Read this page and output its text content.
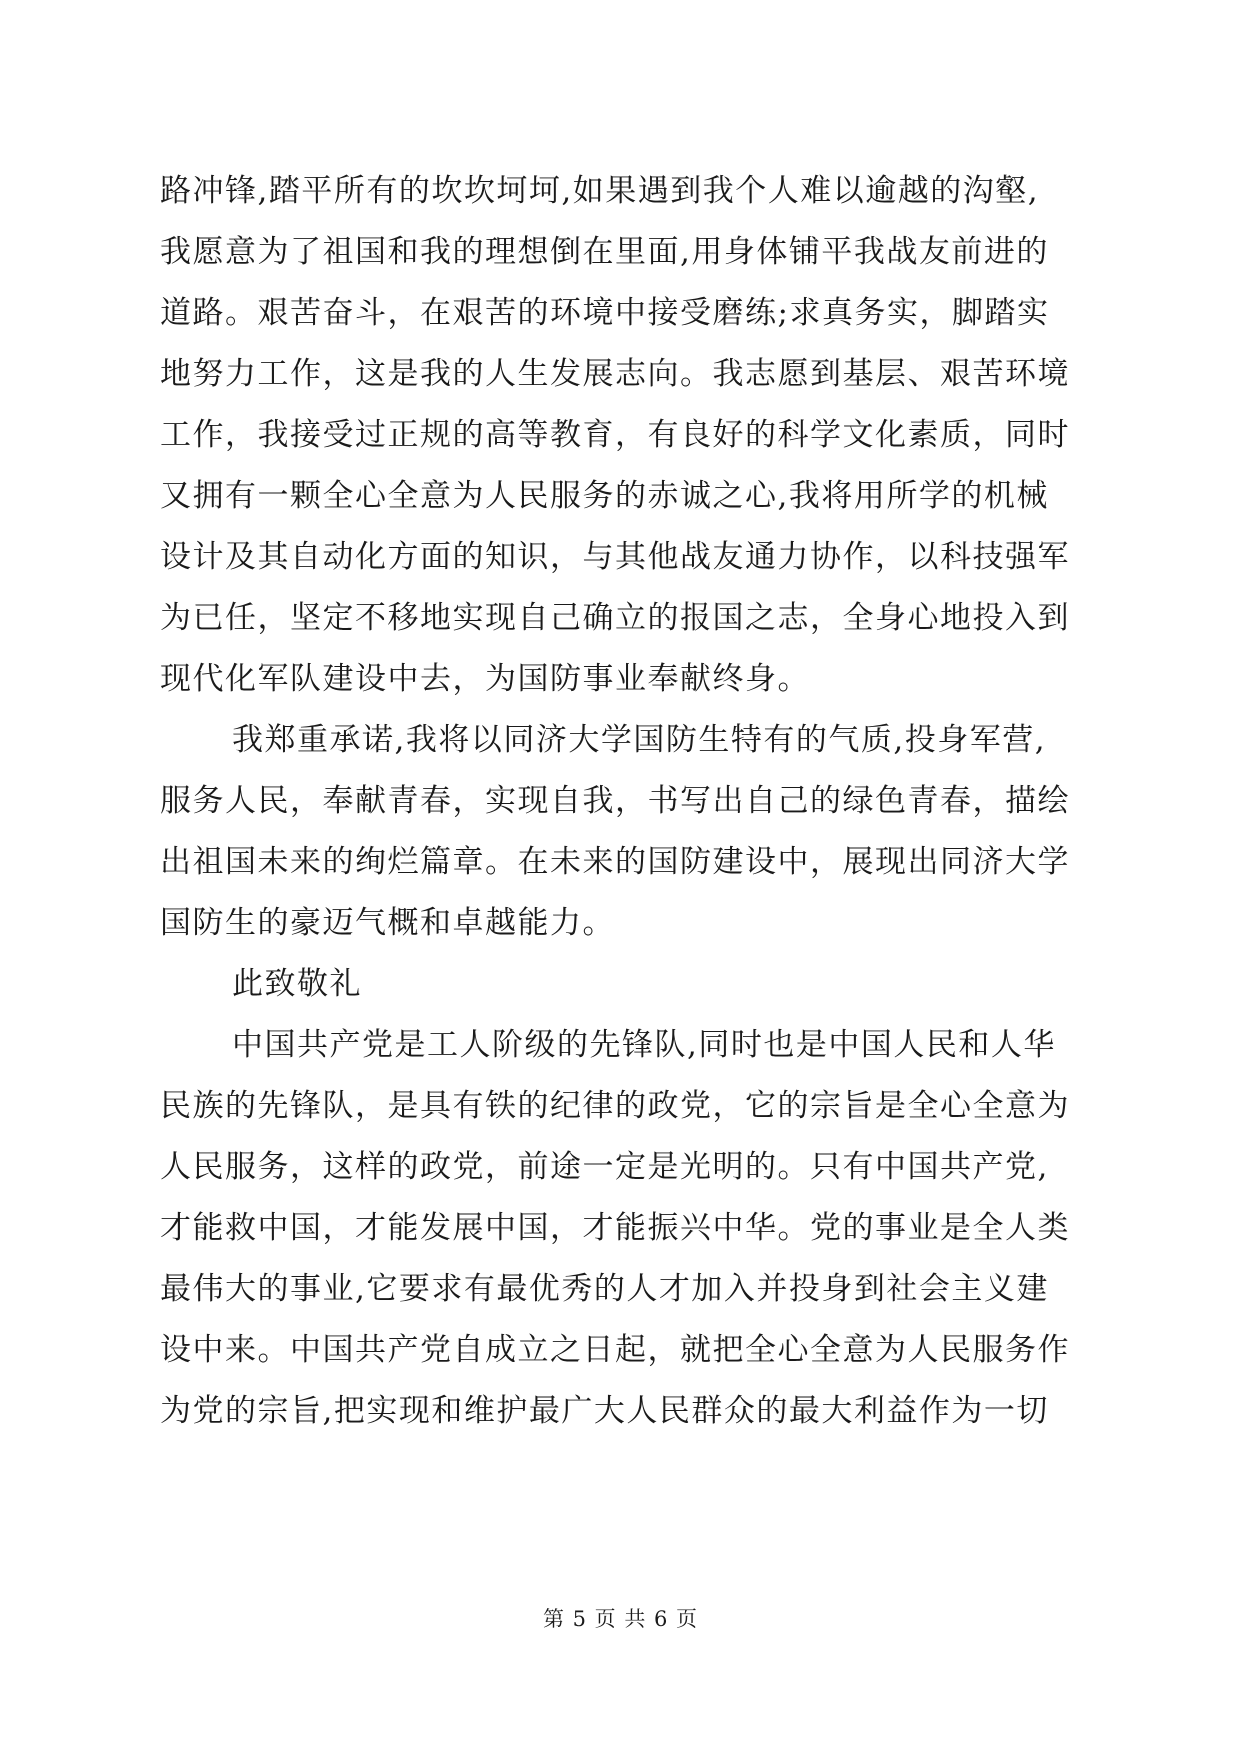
路冲锋,踏平所有的坎坎坷坷,如果遇到我个人难以逾越的沟壑,
我愿意为了祖国和我的理想倒在里面,用身体铺平我战友前进的
道路。艰苦奋斗，在艰苦的环境中接受磨练;求真务实，脚踏实
地努力工作，这是我的人生发展志向。我志愿到基层、艰苦环境
工作，我接受过正规的高等教育，有良好的科学文化素质，同时
又拥有一颗全心全意为人民服务的赤诚之心,我将用所学的机械
设计及其自动化方面的知识，与其他战友通力协作，以科技强军
为已任，坚定不移地实现自己确立的报国之志，全身心地投入到
现代化军队建设中去，为国防事业奉献终身。
我郑重承诺,我将以同济大学国防生特有的气质,投身军营,
服务人民，奉献青春，实现自我，书写出自己的绿色青春，描绘
出祖国未来的绚烂篇章。在未来的国防建设中，展现出同济大学
国防生的豪迈气概和卓越能力。
此致敬礼
中国共产党是工人阶级的先锋队,同时也是中国人民和人华
民族的先锋队，是具有铁的纪律的政党，它的宗旨是全心全意为
人民服务，这样的政党，前途一定是光明的。只有中国共产党,
才能救中国，才能发展中国，才能振兴中华。党的事业是全人类
最伟大的事业,它要求有最优秀的人才加入并投身到社会主义建
设中来。中国共产党自成立之日起，就把全心全意为人民服务作
为党的宗旨,把实现和维护最广大人民群众的最大利益作为一切
第 5 页 共 6 页
